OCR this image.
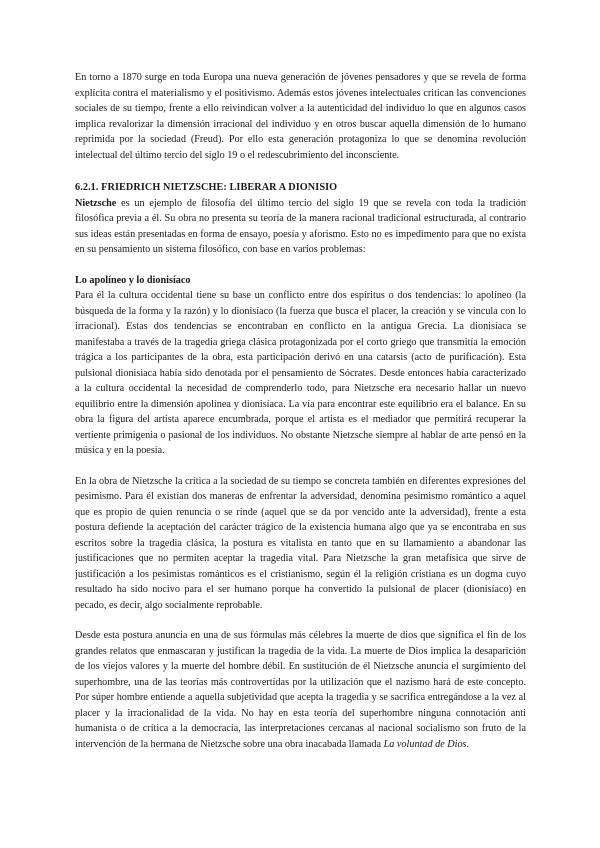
En torno a 1870 surge en toda Europa una nueva generación de jóvenes pensadores y que se revela de forma explícita contra el materialismo y el positivismo. Además estos jóvenes intelectuales critican las convenciones sociales de su tiempo, frente a ello reivindican volver a la autenticidad del individuo lo que en algunos casos implica revalorizar la dimensión irracional del individuo y en otros buscar aquella dimensión de lo humano reprimida por la sociedad (Freud). Por ello esta generación protagoniza lo que se denomina revolución intelectual del último tercio del siglo 19 o el redescubrimiento del inconsciente.

6.2.1. FRIEDRICH NIETZSCHE: LIBERAR A DIONISIO

Nietzsche es un ejemplo de filosofía del último tercio del siglo 19 que se revela con toda la tradición filosófica previa a él. Su obra no presenta su teoría de la manera racional tradicional estructurada, al contrario sus ideas están presentadas en forma de ensayo, poesía y aforismo. Esto no es impedimento para que no exista en su pensamiento un sistema filosófico, con base en varios problemas:

Lo apolíneo y lo dionisíaco

Para él la cultura occidental tiene su base un conflicto entre dos espíritus o dos tendencias: lo apolíneo (la búsqueda de la forma y la razón) y lo dionisíaco (la fuerza que busca el placer, la creación y se vincula con lo irracional). Estas dos tendencias se encontraban en conflicto en la antigua Grecia. La dionisíaca se manifestaba a través de la tragedia griega clásica protagonizada por el corto griego que transmitía la emoción trágica a los participantes de la obra, esta participación derivó en una catarsis (acto de purificación). Esta pulsional dionisiaca había sido denotada por el pensamiento de Sócrates. Desde entonces había caracterizado a la cultura occidental la necesidad de comprenderlo todo, para Nietzsche era necesario hallar un nuevo equilibrio entre la dimensión apolínea y dionisíaca. La vía para encontrar este equilibrio era el balance. En su obra la figura del artista aparece encumbrada, porque el artista es el mediador que permitirá recuperar la vertiente primigenia o pasional de los individuos. No obstante Nietzsche siempre al hablar de arte pensó en la música y en la poesía.

En la obra de Nietzsche la crítica a la sociedad de su tiempo se concreta también en diferentes expresiones del pesimismo. Para él existían dos maneras de enfrentar la adversidad, denomina pesimismo romántico a aquel que es propio de quien renuncia o se rinde (aquel que se da por vencido ante la adversidad), frente a esta postura defiende la aceptación del carácter trágico de la existencia humana algo que ya se encontraba en sus escritos sobre la tragedia clásica, la postura es vitalista en tanto que en su llamamiento a abandonar las justificaciones que no permiten aceptar la tragedia vital. Para Nietzsche la gran metafísica que sirve de justificación a los pesimistas románticos es el cristianismo, según él la religión cristiana es un dogma cuyo resultado ha sido nocivo para el ser humano porque ha convertido la pulsional de placer (dionisíaco) en pecado, es decir, algo socialmente reprobable.

Desde esta postura anuncia en una de sus fórmulas más célebres la muerte de dios que significa el fin de los grandes relatos que enmascaran y justifican la tragedia de la vida. La muerte de Dios implica la desaparición de los viejos valores y la muerte del hombre débil. En sustitución de él Nietzsche anuncia el surgimiento del superhombre, una de las teorías más controvertidas por la utilización que el nazismo hará de este concepto. Por súper hombre entiende a aquella subjetividad que acepta la tragedia y se sacrifica entregándose a la vez al placer y la irracionalidad de la vida. No hay en esta teoría del superhombre ninguna connotación anti humanista o de crítica a la democracia, las interpretaciones cercanas al nacional socialismo son fruto de la intervención de la hermana de Nietzsche sobre una obra inacabada llamada La voluntad de Dios.
